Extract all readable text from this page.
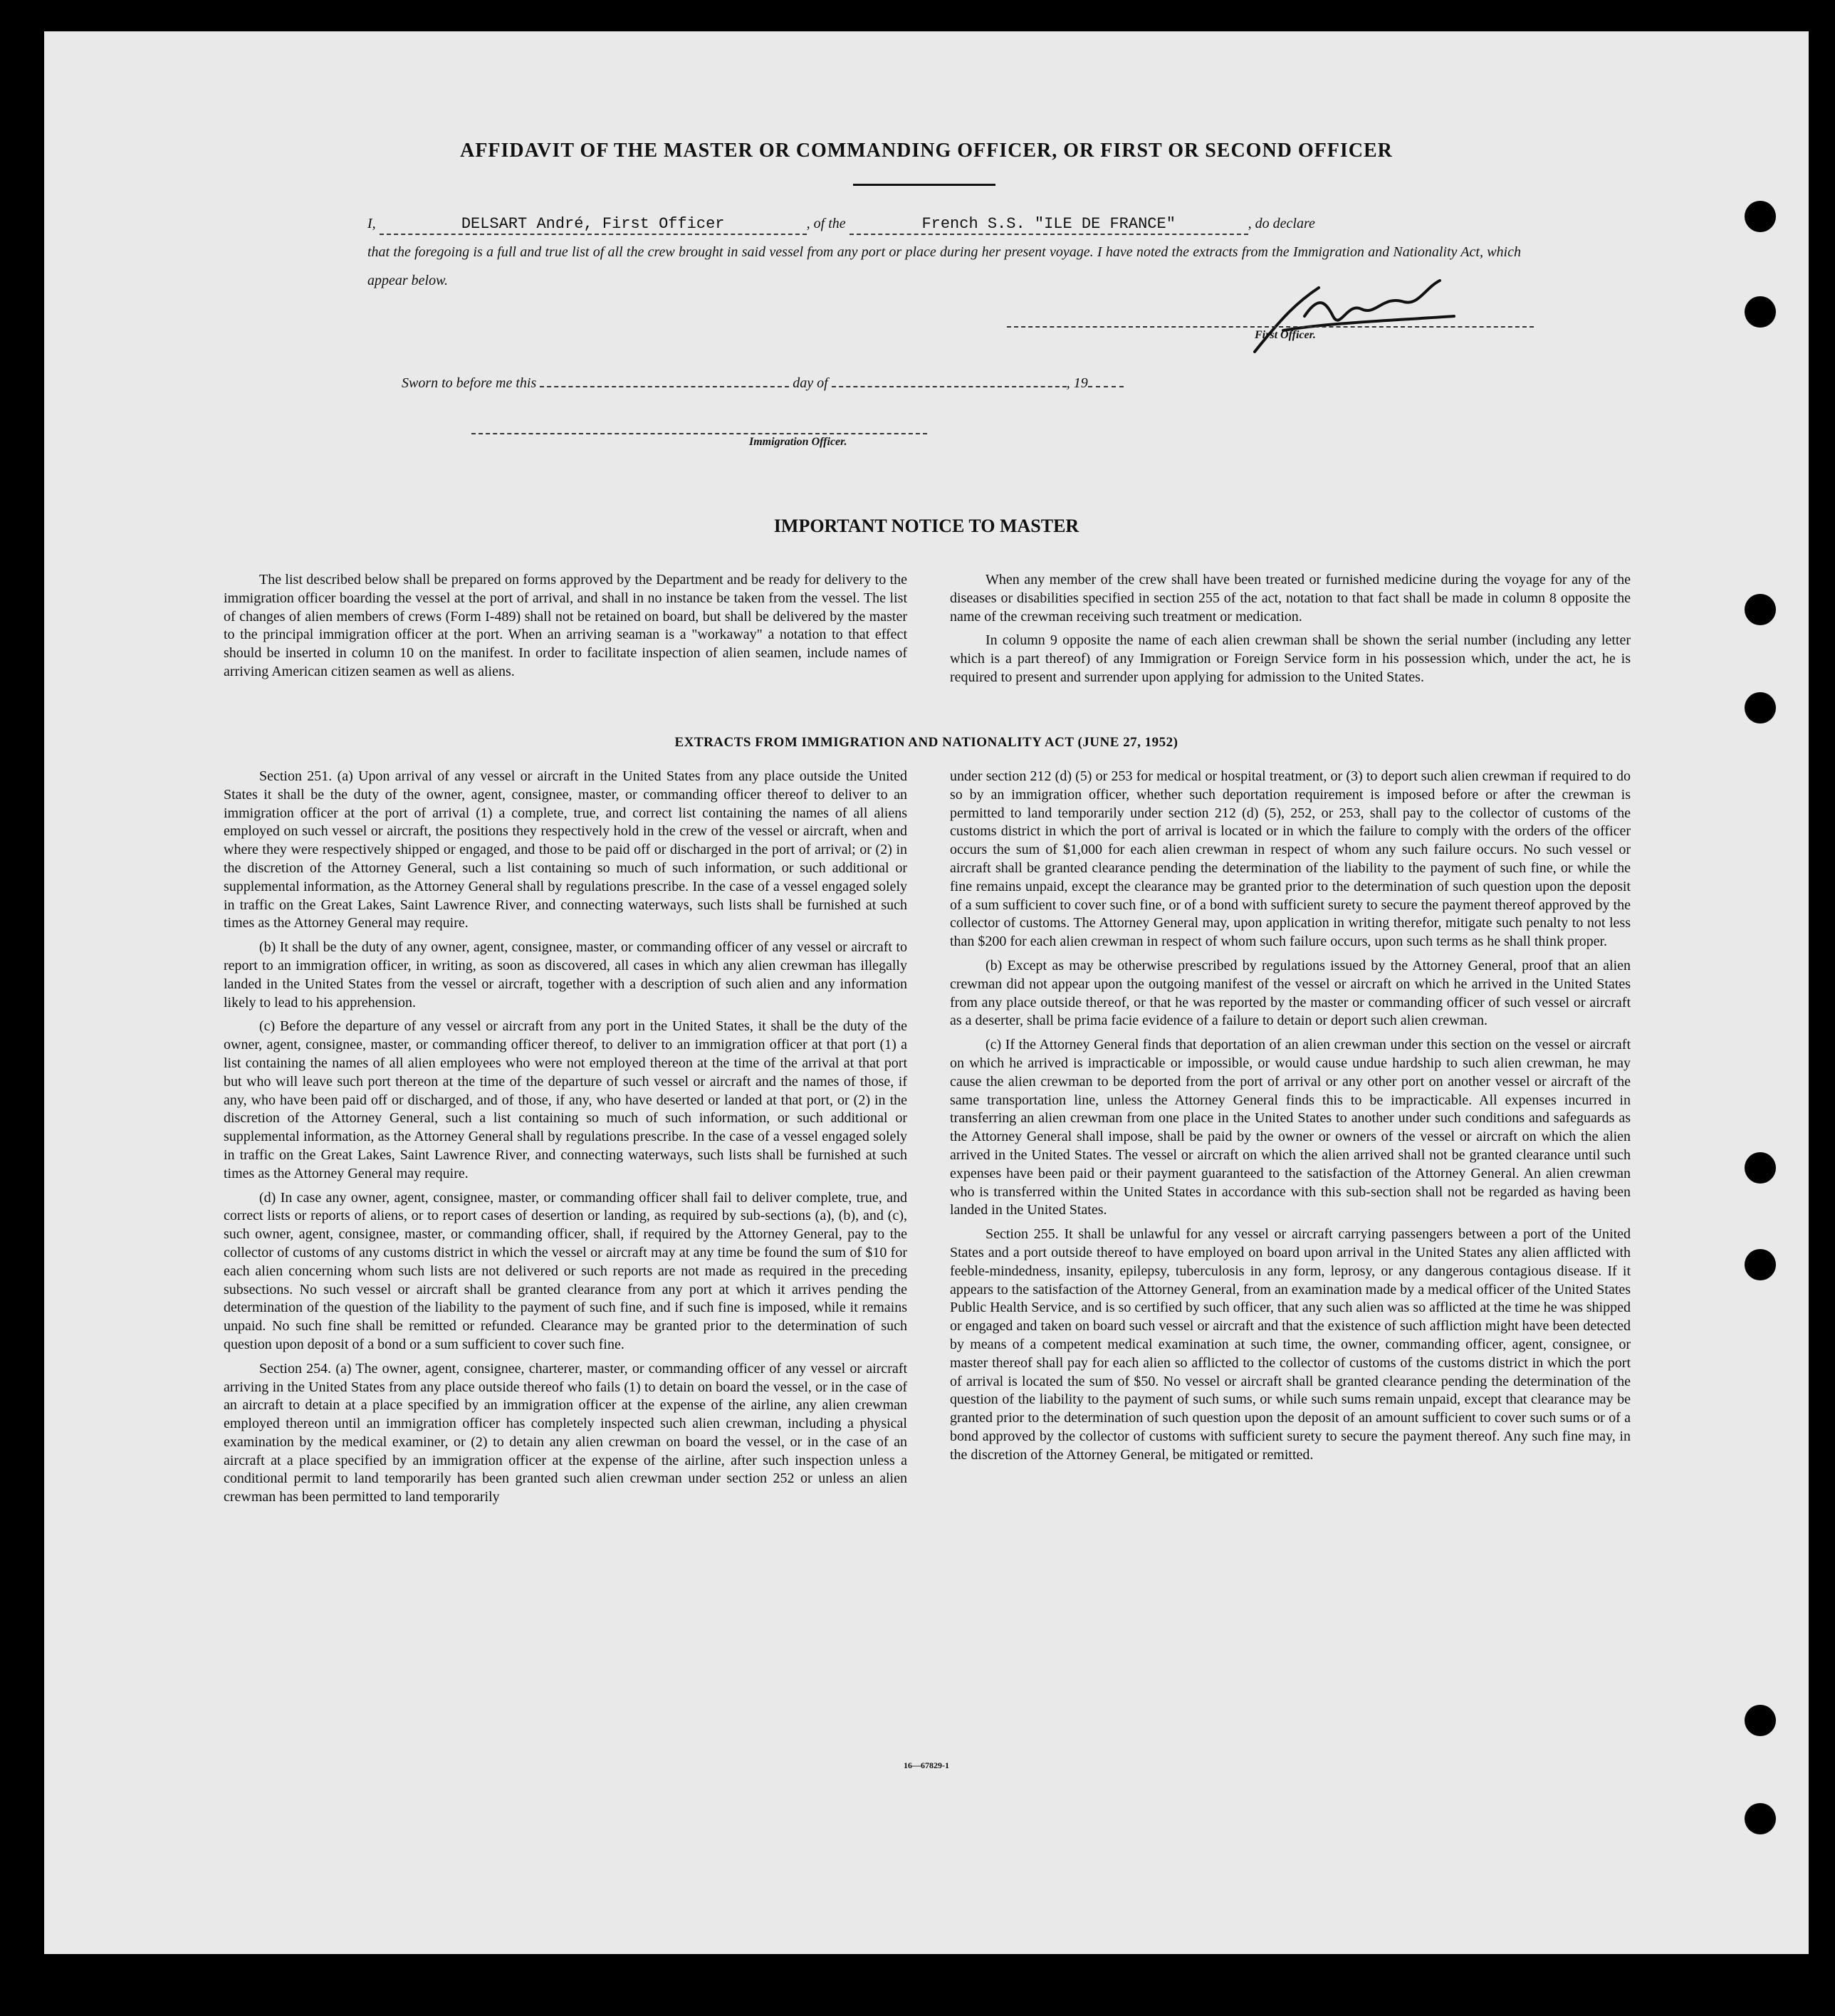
AFFIDAVIT OF THE MASTER OR COMMANDING OFFICER, OR FIRST OR SECOND OFFICER
I,	DELSART André, First Officer	, of the	French S.S. "ILE DE FRANCE"	, do declare
that the foregoing is a full and true list of all the crew brought in said vessel from any port or place during her present voyage. I have noted the extracts from the Immigration and Nationality Act, which appear below.
First Officer.
Sworn to before me this	day of	, 19
Immigration Officer.
IMPORTANT NOTICE TO MASTER

The list described below shall be prepared on forms approved by the Department and be ready for delivery to the immigration officer boarding the vessel at the port of arrival, and shall in no instance be taken from the vessel. The list of changes of alien members of crews (Form I-489) shall not be retained on board, but shall be delivered by the master to the principal immigration officer at the port. When an arriving seaman is a "workaway" a notation to that effect should be inserted in column 10 on the manifest. In order to facilitate inspection of alien seamen, include names of arriving American citizen seamen as well as aliens.

When any member of the crew shall have been treated or furnished medicine during the voyage for any of the diseases or disabilities specified in section 255 of the act, notation to that fact shall be made in column 8 opposite the name of the crewman receiving such treatment or medication.

In column 9 opposite the name of each alien crewman shall be shown the serial number (including any letter which is a part thereof) of any Immigration or Foreign Service form in his possession which, under the act, he is required to present and surrender upon applying for admission to the United States.

EXTRACTS FROM IMMIGRATION AND NATIONALITY ACT (JUNE 27, 1952)

Section 251. (a) Upon arrival of any vessel or aircraft in the United States from any place outside the United States it shall be the duty of the owner, agent, consignee, master, or commanding officer thereof to deliver to an immigration officer at the port of arrival (1) a complete, true, and correct list containing the names of all aliens employed on such vessel or aircraft, the positions they respectively hold in the crew of the vessel or aircraft, when and where they were respectively shipped or engaged, and those to be paid off or discharged in the port of arrival; or (2) in the discretion of the Attorney General, such a list containing so much of such information, or such additional or supplemental information, as the Attorney General shall by regulations prescribe. In the case of a vessel engaged solely in traffic on the Great Lakes, Saint Lawrence River, and connecting waterways, such lists shall be furnished at such times as the Attorney General may require.

(b) It shall be the duty of any owner, agent, consignee, master, or commanding officer of any vessel or aircraft to report to an immigration officer, in writing, as soon as discovered, all cases in which any alien crewman has illegally landed in the United States from the vessel or aircraft, together with a description of such alien and any information likely to lead to his apprehension.

(c) Before the departure of any vessel or aircraft from any port in the United States, it shall be the duty of the owner, agent, consignee, master, or commanding officer thereof, to deliver to an immigration officer at that port (1) a list containing the names of all alien employees who were not employed thereon at the time of the arrival at that port but who will leave such port thereon at the time of the departure of such vessel or aircraft and the names of those, if any, who have been paid off or discharged, and of those, if any, who have deserted or landed at that port, or (2) in the discretion of the Attorney General, such a list containing so much of such information, or such additional or supplemental information, as the Attorney General shall by regulations prescribe. In the case of a vessel engaged solely in traffic on the Great Lakes, Saint Lawrence River, and connecting waterways, such lists shall be furnished at such times as the Attorney General may require.

(d) In case any owner, agent, consignee, master, or commanding officer shall fail to deliver complete, true, and correct lists or reports of aliens, or to report cases of desertion or landing, as required by sub-sections (a), (b), and (c), such owner, agent, consignee, master, or commanding officer, shall, if required by the Attorney General, pay to the collector of customs of any customs district in which the vessel or aircraft may at any time be found the sum of $10 for each alien concerning whom such lists are not delivered or such reports are not made as required in the preceding subsections. No such vessel or aircraft shall be granted clearance from any port at which it arrives pending the determination of the question of the liability to the payment of such fine, and if such fine is imposed, while it remains unpaid. No such fine shall be remitted or refunded. Clearance may be granted prior to the determination of such question upon deposit of a bond or a sum sufficient to cover such fine.

Section 254. (a) The owner, agent, consignee, charterer, master, or commanding officer of any vessel or aircraft arriving in the United States from any place outside thereof who fails (1) to detain on board the vessel, or in the case of an aircraft to detain at a place specified by an immigration officer at the expense of the airline, any alien crewman employed thereon until an immigration officer has completely inspected such alien crewman, including a physical examination by the medical examiner, or (2) to detain any alien crewman on board the vessel, or in the case of an aircraft at a place specified by an immigration officer at the expense of the airline, after such inspection unless a conditional permit to land temporarily has been granted such alien crewman under section 252 or unless an alien crewman has been permitted to land temporarily

under section 212 (d) (5) or 253 for medical or hospital treatment, or (3) to deport such alien crewman if required to do so by an immigration officer, whether such deportation requirement is imposed before or after the crewman is permitted to land temporarily under section 212 (d) (5), 252, or 253, shall pay to the collector of customs of the customs district in which the port of arrival is located or in which the failure to comply with the orders of the officer occurs the sum of $1,000 for each alien crewman in respect of whom any such failure occurs. No such vessel or aircraft shall be granted clearance pending the determination of the liability to the payment of such fine, or while the fine remains unpaid, except the clearance may be granted prior to the determination of such question upon the deposit of a sum sufficient to cover such fine, or of a bond with sufficient surety to secure the payment thereof approved by the collector of customs. The Attorney General may, upon application in writing therefor, mitigate such penalty to not less than $200 for each alien crewman in respect of whom such failure occurs, upon such terms as he shall think proper.

(b) Except as may be otherwise prescribed by regulations issued by the Attorney General, proof that an alien crewman did not appear upon the outgoing manifest of the vessel or aircraft on which he arrived in the United States from any place outside thereof, or that he was reported by the master or commanding officer of such vessel or aircraft as a deserter, shall be prima facie evidence of a failure to detain or deport such alien crewman.

(c) If the Attorney General finds that deportation of an alien crewman under this section on the vessel or aircraft on which he arrived is impracticable or impossible, or would cause undue hardship to such alien crewman, he may cause the alien crewman to be deported from the port of arrival or any other port on another vessel or aircraft of the same transportation line, unless the Attorney General finds this to be impracticable. All expenses incurred in transferring an alien crewman from one place in the United States to another under such conditions and safeguards as the Attorney General shall impose, shall be paid by the owner or owners of the vessel or aircraft on which the alien arrived in the United States. The vessel or aircraft on which the alien arrived shall not be granted clearance until such expenses have been paid or their payment guaranteed to the satisfaction of the Attorney General. An alien crewman who is transferred within the United States in accordance with this sub-section shall not be regarded as having been landed in the United States.

Section 255. It shall be unlawful for any vessel or aircraft carrying passengers between a port of the United States and a port outside thereof to have employed on board upon arrival in the United States any alien afflicted with feeble-mindedness, insanity, epilepsy, tuberculosis in any form, leprosy, or any dangerous contagious disease. If it appears to the satisfaction of the Attorney General, from an examination made by a medical officer of the United States Public Health Service, and is so certified by such officer, that any such alien was so afflicted at the time he was shipped or engaged and taken on board such vessel or aircraft and that the existence of such affliction might have been detected by means of a competent medical examination at such time, the owner, commanding officer, agent, consignee, or master thereof shall pay for each alien so afflicted to the collector of customs of the customs district in which the port of arrival is located the sum of $50. No vessel or aircraft shall be granted clearance pending the determination of the question of the liability to the payment of such sums, or while such sums remain unpaid, except that clearance may be granted prior to the determination of such question upon the deposit of an amount sufficient to cover such sums or of a bond approved by the collector of customs with sufficient surety to secure the payment thereof. Any such fine may, in the discretion of the Attorney General, be mitigated or remitted.

16—67829-1
